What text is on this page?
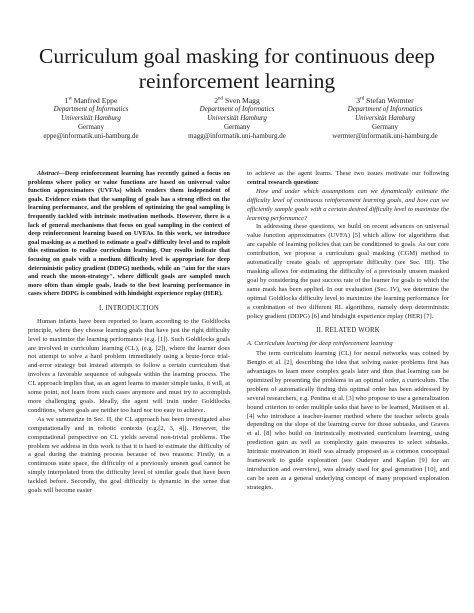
Curriculum goal masking for continuous deep reinforcement learning
1st Manfred Eppe
Department of Informatics
Universität Hamburg
Germany
eppe@informatik.uni-hamburg.de
2nd Sven Magg
Department of Informatics
Universität Hamburg
Germany
magg@informatik.uni-hamburg.de
3rd Stefan Wermter
Department of Informatics
Universität Hamburg
Germany
wermter@informatik.uni-hamburg.de

Abstract—Deep reinforcement learning has recently gained a focus on problems where policy or value functions are based on universal value function approximators (UVFAs) which renders them independent of goals. Evidence exists that the sampling of goals has a strong effect on the learning performance, and the problem of optimizing the goal sampling is frequently tackled with intrinsic motivation methods. However, there is a lack of general mechanisms that focus on goal sampling in the context of deep reinforcement learning based on UVFAs. In this work, we introduce goal masking as a method to estimate a goal's difficulty level and to exploit this estimation to realize curriculum learning. Our results indicate that focusing on goals with a medium difficulty level is appropriate for deep deterministic policy gradient (DDPG) methods, while an "aim for the stars and reach the moon-strategy", where difficult goals are sampled much more often than simple goals, leads to the best learning performance in cases where DDPG is combined with hindsight experience replay (HER).

I. INTRODUCTION

Human infants have been reported to learn according to the Goldilocks principle, where they choose learning goals that have just the right difficulty level to maximize the learning performance (e.g. [1]). Such Goldilocks goals are involved in curriculum learning (CL), (e.g. [2]), where the learner does not attempt to solve a hard problem immediately using a brute-force trial-and-error strategy but instead attempts to follow a certain curriculum that involves a favorable sequence of subgoals within the learning process. The CL approach implies that, as an agent learns to master simple tasks, it will, at some point, not learn from such cases anymore and must try to accomplish more challenging goals. Ideally, the agent will train under Goldilocks conditions, where goals are neither too hard nor too easy to achieve.

As we summarize in Sec. II, the CL approach has been investigated also computationally and in robotic contexts (e.g.[2, 3, 4]). However, the computational perspective on CL yields several non-trivial problems. The problem we address in this work is that it is hard to estimate the difficulty of a goal during the training process because of two reasons: Firstly, in a continuous state space, the difficulty of a previously unseen goal cannot be simply interpolated from the difficulty level of similar goals that have been tackled before. Secondly, the goal difficulty is dynamic in the sense that goals will become easier

to achieve as the agent learns. These two issues motivate our following central research question:

How and under which assumptions can we dynamically estimate the difficulty level of continuous reinforcement learning goals, and how can we efficiently sample goals with a certain desired difficulty level to maximize the learning performance?

In addressing these questions, we build on recent advances on universal value function approximators (UVFA) [5] which allow for algorithms that are capable of learning policies that can be conditioned to goals. As our core contribution, we propose a curriculum goal masking (CGM) method to automatically create goals of appropriate difficulty (see Sec. III). The masking allows for estimating the difficulty of a previously unseen masked goal by considering the past success rate of the learner for goals to which the same mask has been applied. In our evaluation (Sec. IV), we determine the optimal Goldilocks difficulty level to maximize the learning performance for a combination of two different RL algorithms, namely deep deterministic policy gradient (DDPG) [6] and hindsight experience replay (HER) [7].

II. RELATED WORK
A. Curriculum learning for deep reinforcement learning

The term curriculum learning (CL) for neural networks was coined by Bengio et al. [2], describing the idea that solving easier problems first has advantages to learn more complex goals later and thus that learning can be optimized by presenting the problems in an optimal order, a curriculum. The problem of automatically finding this optimal order has been addressed by several researchers, e.g. Pentina et al. [3] who propose to use a generalization bound criterion to order multiple tasks that have to be learned, Matiisen et al. [4] who introduce a teacher-learner method where the teacher selects goals depending on the slope of the learning curve for those subtasks, and Graves et al. [8] who build on intrinsically motivated curriculum learning, using prediction gain as well as complexity gain measures to select subtasks. Intrinsic motivation in itself was already proposed as a common conceptual framework to guide exploration (see Oudeyer and Kaplan [9] for an introduction and overview), was already used for goal generation [10], and can be seen as a general underlying concept of many proposed exploration strategies.
